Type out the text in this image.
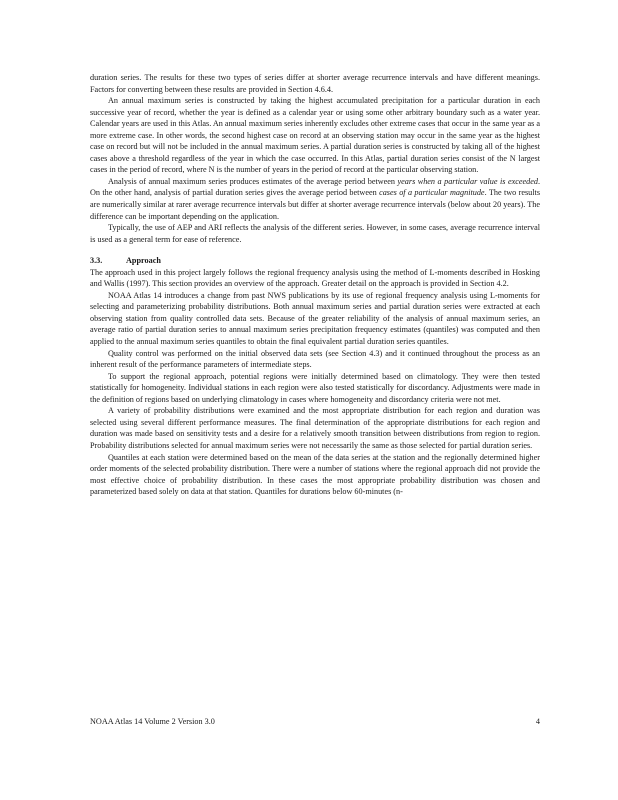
duration series. The results for these two types of series differ at shorter average recurrence intervals and have different meanings. Factors for converting between these results are provided in Section 4.6.4.

An annual maximum series is constructed by taking the highest accumulated precipitation for a particular duration in each successive year of record, whether the year is defined as a calendar year or using some other arbitrary boundary such as a water year. Calendar years are used in this Atlas. An annual maximum series inherently excludes other extreme cases that occur in the same year as a more extreme case. In other words, the second highest case on record at an observing station may occur in the same year as the highest case on record but will not be included in the annual maximum series. A partial duration series is constructed by taking all of the highest cases above a threshold regardless of the year in which the case occurred. In this Atlas, partial duration series consist of the N largest cases in the period of record, where N is the number of years in the period of record at the particular observing station.

Analysis of annual maximum series produces estimates of the average period between years when a particular value is exceeded. On the other hand, analysis of partial duration series gives the average period between cases of a particular magnitude. The two results are numerically similar at rarer average recurrence intervals but differ at shorter average recurrence intervals (below about 20 years). The difference can be important depending on the application.

Typically, the use of AEP and ARI reflects the analysis of the different series. However, in some cases, average recurrence interval is used as a general term for ease of reference.

3.3.	Approach

The approach used in this project largely follows the regional frequency analysis using the method of L-moments described in Hosking and Wallis (1997). This section provides an overview of the approach. Greater detail on the approach is provided in Section 4.2.

NOAA Atlas 14 introduces a change from past NWS publications by its use of regional frequency analysis using L-moments for selecting and parameterizing probability distributions. Both annual maximum series and partial duration series were extracted at each observing station from quality controlled data sets. Because of the greater reliability of the analysis of annual maximum series, an average ratio of partial duration series to annual maximum series precipitation frequency estimates (quantiles) was computed and then applied to the annual maximum series quantiles to obtain the final equivalent partial duration series quantiles.

Quality control was performed on the initial observed data sets (see Section 4.3) and it continued throughout the process as an inherent result of the performance parameters of intermediate steps.

To support the regional approach, potential regions were initially determined based on climatology. They were then tested statistically for homogeneity. Individual stations in each region were also tested statistically for discordancy. Adjustments were made in the definition of regions based on underlying climatology in cases where homogeneity and discordancy criteria were not met.

A variety of probability distributions were examined and the most appropriate distribution for each region and duration was selected using several different performance measures. The final determination of the appropriate distributions for each region and duration was made based on sensitivity tests and a desire for a relatively smooth transition between distributions from region to region. Probability distributions selected for annual maximum series were not necessarily the same as those selected for partial duration series.

Quantiles at each station were determined based on the mean of the data series at the station and the regionally determined higher order moments of the selected probability distribution. There were a number of stations where the regional approach did not provide the most effective choice of probability distribution. In these cases the most appropriate probability distribution was chosen and parameterized based solely on data at that station. Quantiles for durations below 60-minutes (n-

NOAA Atlas 14 Volume 2 Version 3.0	4
